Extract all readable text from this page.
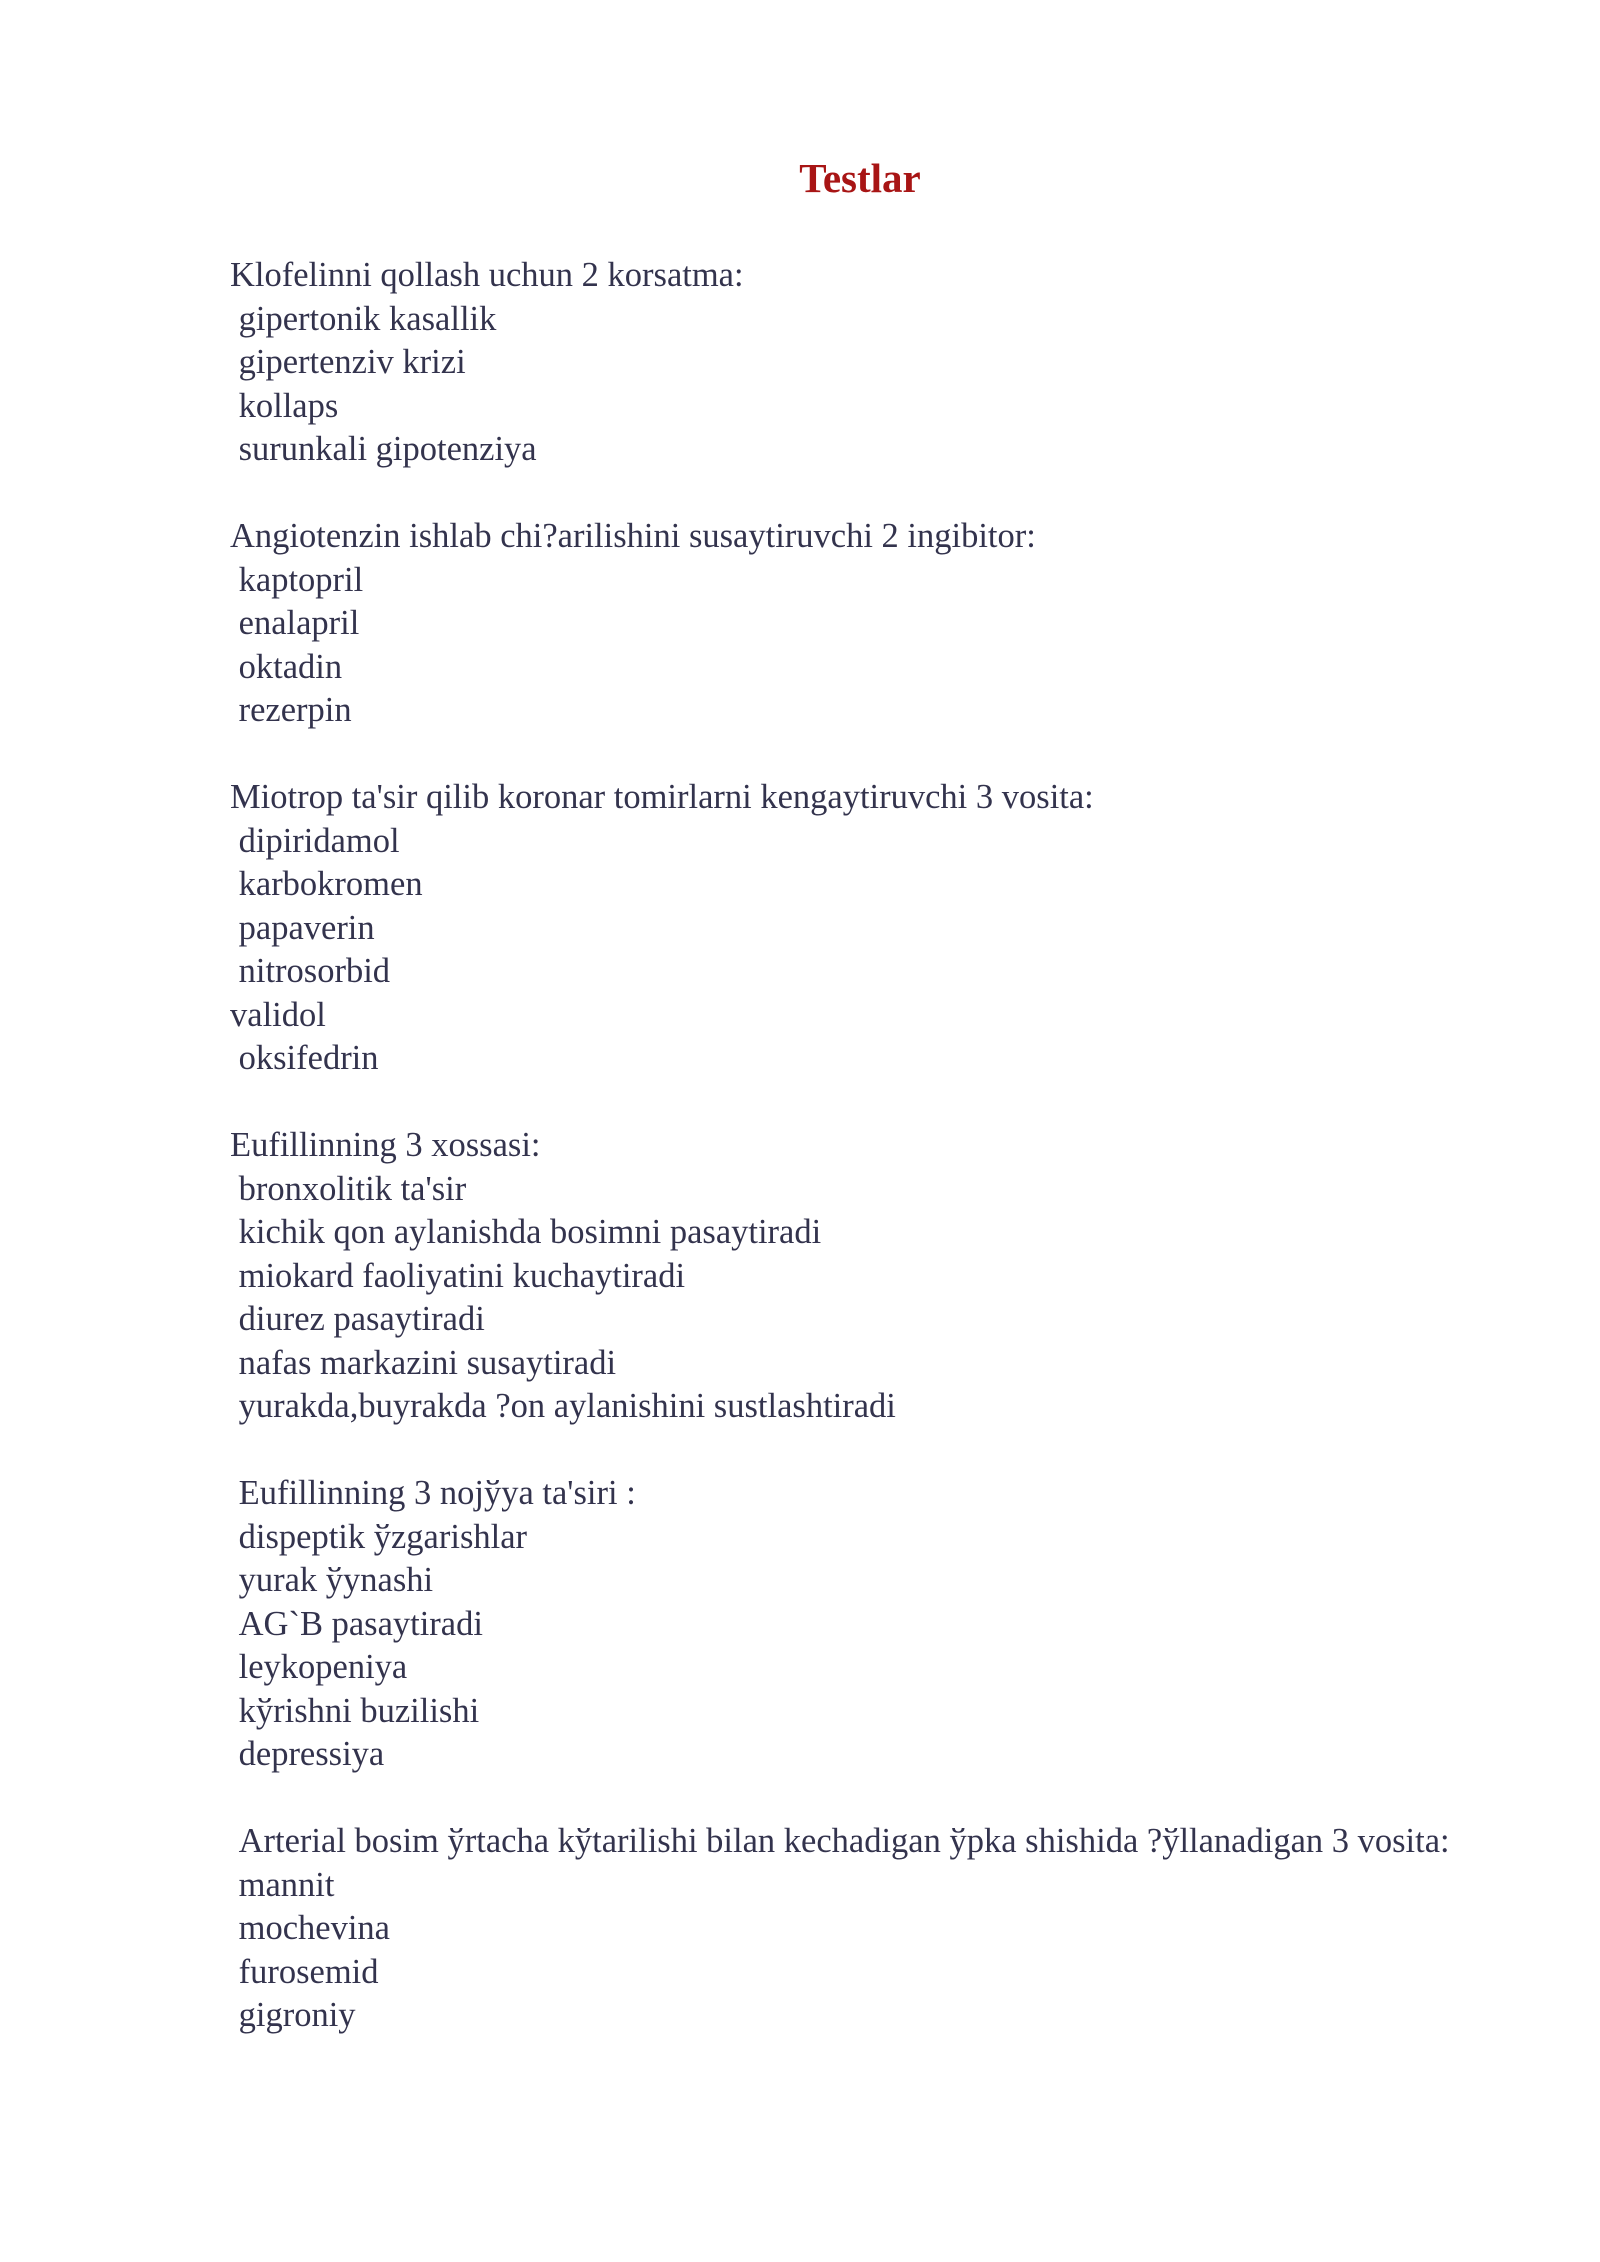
Testlar
Klofelinni qollash uchun 2 korsatma:
gipertonik kasallik
gipertenziv krizi
kollaps
surunkali gipotenziya
Angiotenzin ishlab chi?arilishini susaytiruvchi 2 ingibitor:
kaptopril
enalapril
oktadin
rezerpin
Miotrop ta'sir qilib koronar tomirlarni kengaytiruvchi 3 vosita:
dipiridamol
karbokromen
papaverin
nitrosorbid
validol
oksifedrin
Eufillinning 3 xossasi:
bronxolitik ta'sir
kichik qon aylanishda bosimni pasaytiradi
miokard faoliyatini kuchaytiradi
diurez pasaytiradi
nafas markazini susaytiradi
yurakda,buyrakda ?on aylanishini sustlashtiradi
Eufillinning 3 nojўya ta'siri :
dispeptik ўzgarishlar
yurak ўynashi
AG`B pasaytiradi
leykopeniya
kўrishni buzilishi
depressiya
Arterial bosim ўrtacha kўtarilishi bilan kechadigan ўpka shishida ?ўllanadigan 3 vosita:
mannit
mochevina
furosemid
gigroniy
